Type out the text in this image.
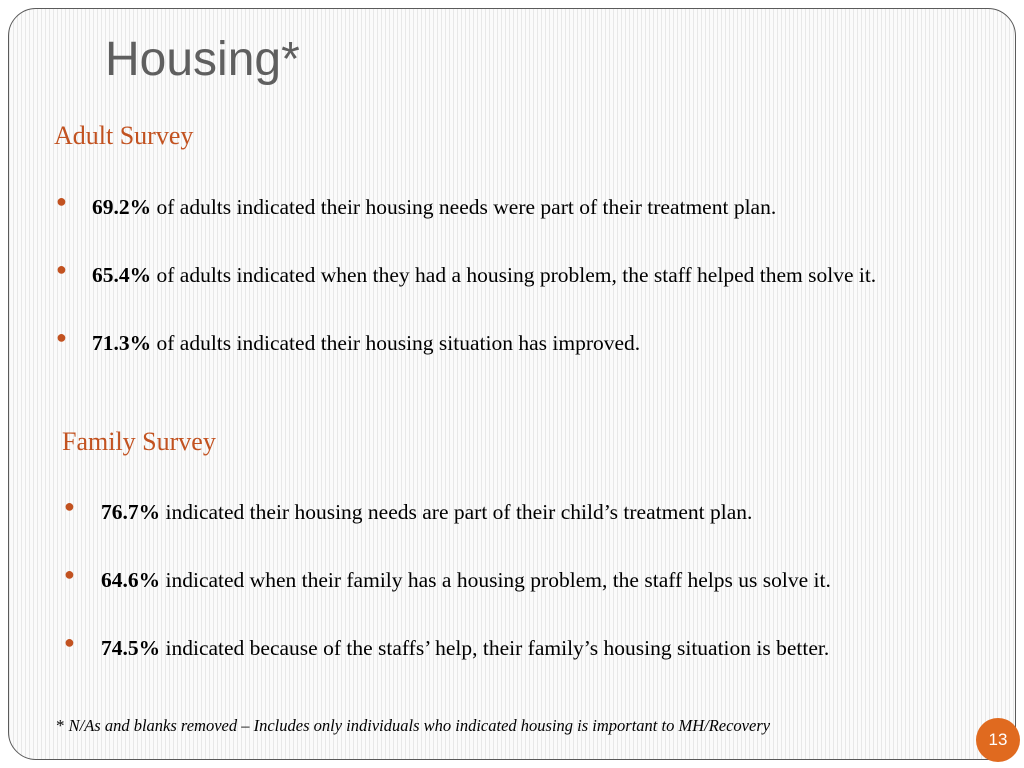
Housing*
Adult Survey
● 69.2% of adults indicated their housing needs were part of their treatment plan.
● 65.4% of adults indicated when they had a housing problem, the staff helped them solve it.
● 71.3% of adults indicated their housing situation has improved.
Family Survey
● 76.7% indicated their housing needs are part of their child’s treatment plan.
● 64.6% indicated when their family has a housing problem, the staff helps us solve it.
● 74.5% indicated because of the staffs’ help, their family’s housing situation is better.
* N/As and blanks removed – Includes only individuals who indicated housing is important to MH/Recovery
13
